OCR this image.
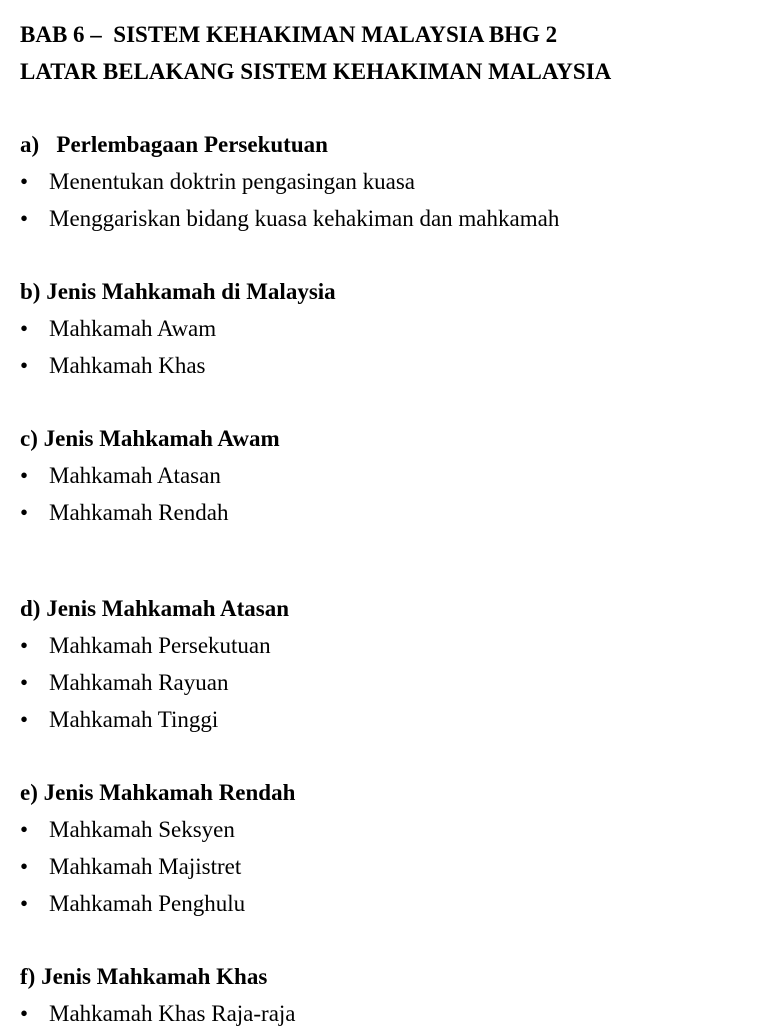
BAB 6 –  SISTEM KEHAKIMAN MALAYSIA BHG 2
LATAR BELAKANG SISTEM KEHAKIMAN MALAYSIA
a)   Perlembagaan Persekutuan
• Menentukan doktrin pengasingan kuasa
• Menggariskan bidang kuasa kehakiman dan mahkamah
b) Jenis Mahkamah di Malaysia
• Mahkamah Awam
• Mahkamah Khas
c) Jenis Mahkamah Awam
• Mahkamah Atasan
• Mahkamah Rendah
d) Jenis Mahkamah Atasan
• Mahkamah Persekutuan
• Mahkamah Rayuan
• Mahkamah Tinggi
e) Jenis Mahkamah Rendah
• Mahkamah Seksyen
• Mahkamah Majistret
• Mahkamah Penghulu
f) Jenis Mahkamah Khas
• Mahkamah Khas Raja-raja
